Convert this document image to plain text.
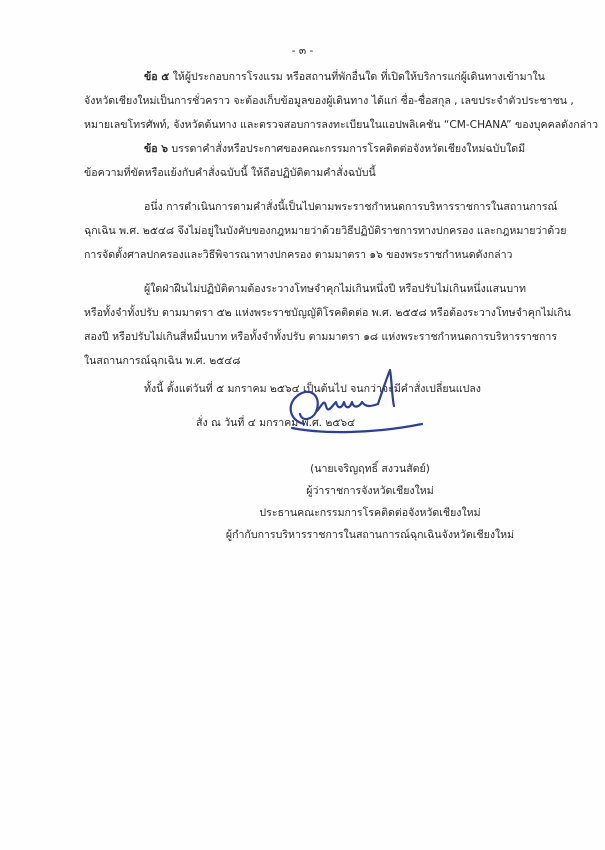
- ๓ -
ข้อ ๕ ให้ผู้ประกอบการโรงแรม หรือสถานที่พักอื่นใด ที่เปิดให้บริการแก่ผู้เดินทางเข้ามาใน
จังหวัดเชียงใหม่เป็นการชั่วคราว จะต้องเก็บข้อมูลของผู้เดินทาง ได้แก่ ชื่อ-ชื่อสกุล , เลขประจำตัวประชาชน ,
หมายเลขโทรศัพท์, จังหวัดต้นทาง และตรวจสอบการลงทะเบียนในแอปพลิเคชัน “CM-CHANA” ของบุคคลดังกล่าว
ข้อ ๖ บรรดาคำสั่งหรือประกาศของคณะกรรมการโรคติดต่อจังหวัดเชียงใหม่ฉบับใดมี
ข้อความที่ขัดหรือแย้งกับคำสั่งฉบับนี้ ให้ถือปฏิบัติตามคำสั่งฉบับนี้
อนึ่ง การดำเนินการตามคำสั่งนี้เป็นไปตามพระราชกำหนดการบริหารราชการในสถานการณ์
ฉุกเฉิน พ.ศ. ๒๕๔๘ จึงไม่อยู่ในบังคับของกฎหมายว่าด้วยวิธีปฏิบัติราชการทางปกครอง และกฎหมายว่าด้วย
การจัดตั้งศาลปกครองและวิธีพิจารณาทางปกครอง ตามมาตรา ๑๖ ของพระราชกำหนดดังกล่าว
ผู้ใดฝ่าฝืนไม่ปฏิบัติตามต้องระวางโทษจำคุกไม่เกินหนึ่งปี หรือปรับไม่เกินหนึ่งแสนบาท
หรือทั้งจำทั้งปรับ ตามมาตรา ๕๒ แห่งพระราชบัญญัติโรคติดต่อ พ.ศ. ๒๕๕๘ หรือต้องระวางโทษจำคุกไม่เกิน
สองปี หรือปรับไม่เกินสี่หมื่นบาท หรือทั้งจำทั้งปรับ ตามมาตรา ๑๘ แห่งพระราชกำหนดการบริหารราชการ
ในสถานการณ์ฉุกเฉิน พ.ศ. ๒๕๔๘
ทั้งนี้ ตั้งแต่วันที่ ๕ มกราคม ๒๕๖๔ เป็นต้นไป จนกว่าจะมีคำสั่งเปลี่ยนแปลง
สั่ง ณ วันที่ ๔ มกราคม พ.ศ. ๒๕๖๔
(นายเจริญฤทธิ์ สงวนสัตย์)
ผู้ว่าราชการจังหวัดเชียงใหม่
ประธานคณะกรรมการโรคติดต่อจังหวัดเชียงใหม่
ผู้กำกับการบริหารราชการในสถานการณ์ฉุกเฉินจังหวัดเชียงใหม่
